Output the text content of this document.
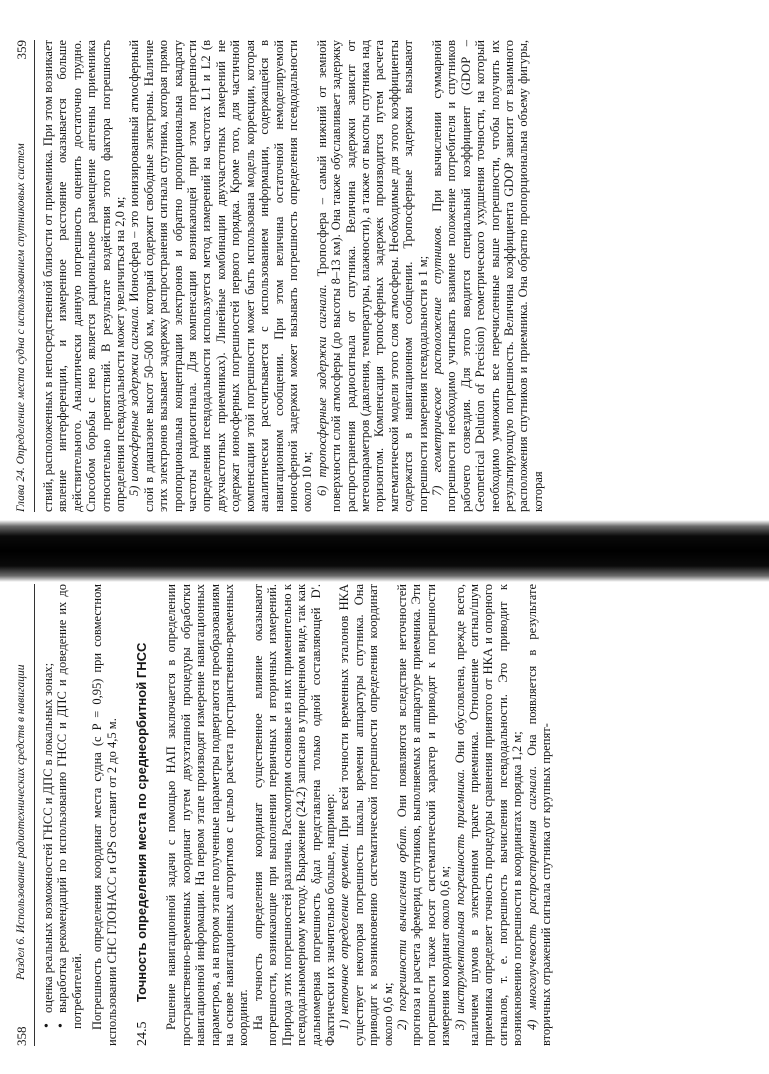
358
Раздел 6. Использование радиотехнических средств в навигации • оценка реальных возможностей ГНСС и ДПС в локальных зонах; • выработка рекомендаций по использованию ГНСС и ДПС и доведение их до потребителей. Погрешность определения координат места судна (с P = 0,95) при совместном использовании СНС ГЛОНАСС и GPS составит от 2 до 4,5 м. 24.5
Точность определения места по среднеорбитной ГНСС Решение навигационной задачи с помощью НАП заключается в определении пространственно-временных координат путем двухэтапной процедуры обработки навигационной информации. На первом этапе производят измерение навигационных параметров, а на втором этапе полученные параметры подвергаются преобразованиям на основе навигационных алгоритмов с целью расчета пространственно-временных координат. На точность определения координат существенное влияние оказывают погрешности, возникающие при выполнении первичных и вторичных измерений. Природа этих погрешностей различна. Рассмотрим основные из них применительно к псевдодальномерному методу. Выражение (24.2) записано в упрощенном виде, так как дальномерная погрешность δдал представлена только одной составляющей D'. Фактически их значительно больше, например: 1) неточное определение времени. При всей точности временных эталонов НКА существует некоторая погрешность шкалы времени аппаратуры спутника. Она приводит к возникновению систематической погрешности определения координат около 0,6 м; 2) погрешности вычисления орбит. Они появляются вследствие неточностей прогноза и расчета эфемерид спутников, выполняемых в аппаратуре приемника. Эти погрешности также носят систематический характер и приводят к погрешности измерения координат около 0,6 м; 3) инструментальная погрешность приемника. Они обусловлена, прежде всего, наличием шумов в электронном тракте приемника. Отношение сигнал/шум приемника определяет точность процедуры сравнения принятого от НКА и опорного сигналов, т. е. погрешность вычисления псевдодальности. Это приводит к возникновению погрешности в координатах порядка 1,2 м; 4) многолучевость распространения сигнала. Она появляется в результате вторичных отражений сигнала спутника от крупных препят-

Глава 24. Определение места судна с использованием спутниковых систем
359 ствий, расположенных в непосредственной близости от приемника. При этом возникает явление интерференции, и измеренное расстояние оказывается больше действительного. Аналитически данную погрешность оценить достаточно трудно. Способом борьбы с нею является рациональное размещение антенны приемника относительно препятствий. В результате воздействия этого фактора погрешность определения псевдодальности может увеличиться на 2,0 м; 5) ионосферные задержки сигнала. Ионосфера – это ионизированный атмосферный слой в диапазоне высот 50–500 км, который содержит свободные электроны. Наличие этих электронов вызывает задержку распространения сигнала спутника, которая прямо пропорциональна концентрации электронов и обратно пропорциональна квадрату частоты радиосигнала. Для компенсации возникающей при этом погрешности определения псевдодальности используется метод измерений на частотах L1 и L2 (в двухчастотных приемниках). Линейные комбинации двухчастотных измерений не содержат ионосферных погрешностей первого порядка. Кроме того, для частичной компенсации этой погрешности может быть использована модель коррекции, которая аналитически рассчитывается с использованием информации, содержащейся в навигационном сообщении. При этом величина остаточной немоделируемой ионосферной задержки может вызывать погрешность определения псевдодальности около 10 м; 6) тропосферные задержки сигнала. Тропосфера – самый нижний от земной поверхности слой атмосферы (до высоты 8–13 км). Она также обуславливает задержку распространения радиосигнала от спутника. Величина задержки зависит от метеопараметров (давления, температуры, влажности), а также от высоты спутника над горизонтом. Компенсация тропосферных задержек производится путем расчета математической модели этого слоя атмосферы. Необходимые для этого коэффициенты содержатся в навигационном сообщении. Тропосферные задержки вызывают погрешности измерения псевдодальности в 1 м; 7) геометрическое расположение спутников. При вычислении суммарной погрешности необходимо учитывать взаимное положение потребителя и спутников рабочего созвездия. Для этого вводится специальный коэффициент (GDOP – Geometrical Delution of Precision) геометрического ухудшения точности, на который необходимо умножить все перечисленные выше погрешности, чтобы получить их результирующую погрешность. Величина коэффициента GDOP зависит от взаимного расположения спутников и приемника. Она обратно пропорциональна объему фигуры, которая
